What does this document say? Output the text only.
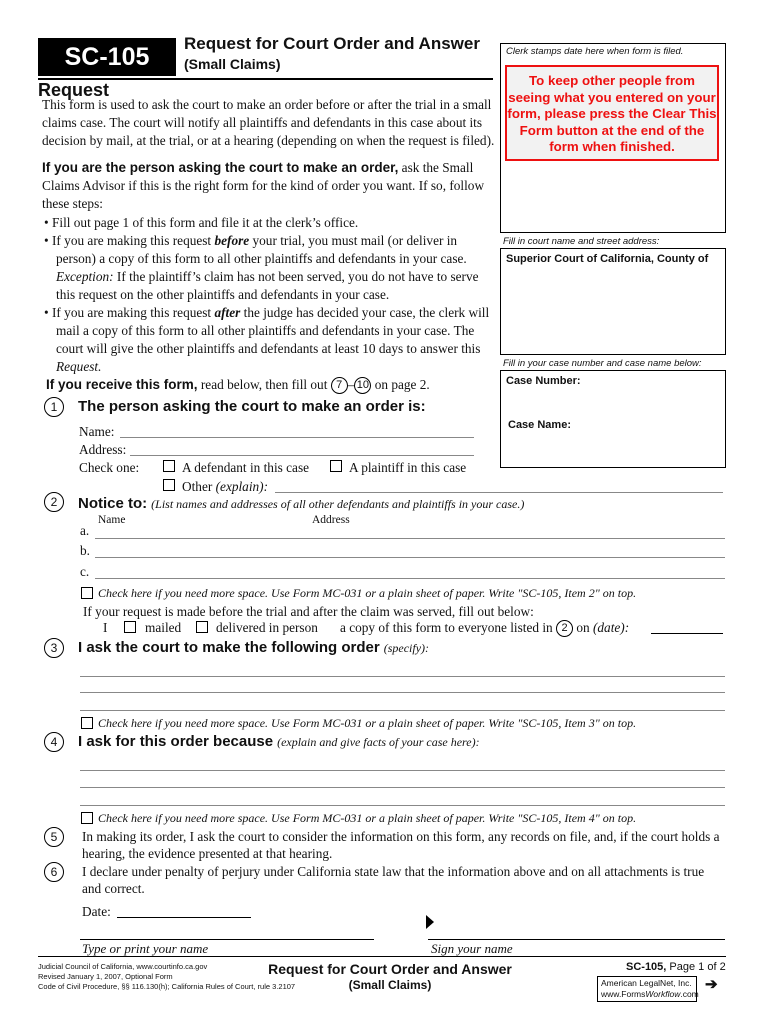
SC-105	Request for Court Order and Answer
(Small Claims)
Request
This form is used to ask the court to make an order before or after the trial in a small claims case. The court will notify all plaintiffs and defendants in this case about its decision by mail, at the trial, or at a hearing (depending on when the request is filed).
If you are the person asking the court to make an order, ask the Small Claims Advisor if this is the right form for the kind of order you want. If so, follow these steps:
• Fill out page 1 of this form and file it at the clerk’s office.
• If you are making this request before your trial, you must mail (or deliver in person) a copy of this form to all other plaintiffs and defendants in your case. Exception: If the plaintiff’s claim has not been served, you do not have to serve this request on the other plaintiffs and defendants in your case.
• If you are making this request after the judge has decided your case, the clerk will mail a copy of this form to all other plaintiffs and defendants in your case. The court will give the other plaintiffs and defendants at least 10 days to answer this Request.
If you receive this form, read below, then fill out 7 – 10 on page 2.
Clerk stamps date here when form is filed.
To keep other people from seeing what you entered on your form, please press the Clear This Form button at the end of the form when finished.
Fill in court name and street address:
Superior Court of California, County of
Fill in your case number and case name below:
Case Number:
Case Name:
1	The person asking the court to make an order is:
Name:
Address:
Check one:	A defendant in this case	A plaintiff in this case
Other (explain):
2	Notice to: (List names and addresses of all other defendants and plaintiffs in your case.)
Name	Address
a.
b.
c.
Check here if you need more space. Use Form MC-031 or a plain sheet of paper. Write "SC-105, Item 2" on top.
If your request is made before the trial and after the claim was served, fill out below:
I	mailed	delivered in person a copy of this form to everyone listed in 2 on (date):
3	I ask the court to make the following order (specify):
Check here if you need more space. Use Form MC-031 or a plain sheet of paper. Write "SC-105, Item 3" on top.
4	I ask for this order because (explain and give facts of your case here):
Check here if you need more space. Use Form MC-031 or a plain sheet of paper. Write "SC-105, Item 4" on top.
5	In making its order, I ask the court to consider the information on this form, any records on file, and, if the court holds a hearing, the evidence presented at that hearing.
6	I declare under penalty of perjury under California state law that the information above and on all attachments is true and correct.
Date:
Type or print your name	Sign your name
Judicial Council of California, www.courtinfo.ca.gov
Revised January 1, 2007, Optional Form
Code of Civil Procedure, §§ 116.130(h); California Rules of Court, rule 3.2107
Request for Court Order and Answer
(Small Claims)
SC-105, Page 1 of 2
American LegalNet, Inc.
www.FormsWorkflow.com
➔
